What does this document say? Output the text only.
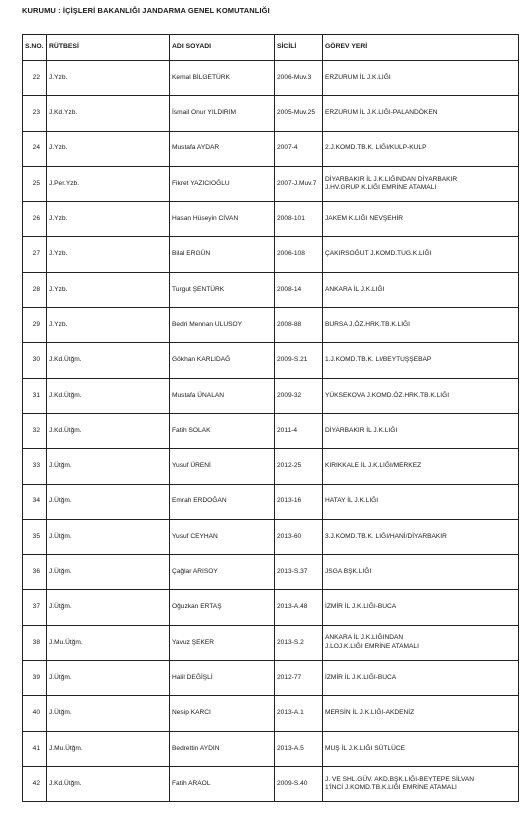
KURUMU : İÇİŞLERİ BAKANLIĞI JANDARMA GENEL KOMUTANLIĞI
S.NO.	RÜTBESİ	ADI SOYADI	SİCİLİ	GÖREV YERİ
22	J.Yzb.	Kemal BİLGETÜRK	2006-Muv.3	ERZURUM İL J.K.LIĞI
23	J.Kd.Yzb.	İsmail Onur YILDIRIM	2005-Muv.25	ERZURUM İL J.K.LIĞI-PALANDÖKEN
24	J.Yzb.	Mustafa AYDAR	2007-4	2.J.KOMD.TB.K. LIĞI/KULP-KULP
25	J.Per.Yzb.	Fikret YAZICIOĞLU	2007-J.Muv.7	DİYARBAKIR İL J.K.LIĞINDAN DİYARBAKIR
J.HV.GRUP K.LIĞI EMRİNE ATAMALI
26	J.Yzb.	Hasan Hüseyin CİVAN	2008-101	JAKEM K.LIĞI NEVŞEHİR
27	J.Yzb.	Bilal ERGÜN	2006-108	ÇAKIRSOĞUT J.KOMD.TUG.K.LIĞI
28	J.Yzb.	Turgut ŞENTÜRK	2008-14	ANKARA İL J.K.LIĞI
29	J.Yzb.	Bedri Mennan ULUSOY	2008-88	BURSA J.ÖZ.HRK.TB.K.LIĞI
30	J.Kd.Ütğm.	Gökhan KARLIDAĞ	2009-S.21	1.J.KOMD.TB.K. LI/BEYTUŞŞEBAP
31	J.Kd.Ütğm.	Mustafa ÜNALAN	2009-32	YÜKSEKOVA J.KOMD.ÖZ.HRK.TB.K.LIĞI
32	J.Kd.Ütğm.	Fatih SOLAK	2011-4	DİYARBAKIR İL J.K.LIĞI
33	J.Ütğm.	Yusuf ÜRENİ	2012-25	KIRIKKALE İL J.K.LIĞI/MERKEZ
34	J.Ütğm.	Emrah ERDOĞAN	2013-16	HATAY İL J.K.LIĞI
35	J.Ütğm.	Yusuf CEYHAN	2013-60	3.J.KOMD.TB.K. LIĞI/HANİ/DİYARBAKIR
36	J.Ütğm.	Çağlar ARISOY	2013-S.37	JSGA BŞK.LIĞI
37	J.Ütğm.	Oğuzkan ERTAŞ	2013-A.48	İZMİR İL J.K.LIĞI-BUCA
38	J.Mu.Ütğm.	Yavuz ŞEKER	2013-S.2	ANKARA İL J.K.LIĞINDAN
J.LOJ.K.LIĞI EMRİNE ATAMALI
39	J.Ütğm.	Halil DEĞİŞLİ	2012-77	İZMİR İL J.K.LIĞI-BUCA
40	J.Ütğm.	Nesip KARCI	2013-A.1	MERSİN İL J.K.LIĞI-AKDENİZ
41	J.Mu.Ütğm.	Bedrettin AYDIN	2013-A.5	MUŞ İL J.K.LIĞI SÜTLÜCE
42	J.Kd.Ütğm.	Fatih ARAOL	2009-S.40	J. VE SHL.GÜV. AKD.BŞK.LIĞI-BEYTEPE SİLVAN
1'İNCİ J.KOMD.TB.K.LIĞI EMRİNE ATAMALI
